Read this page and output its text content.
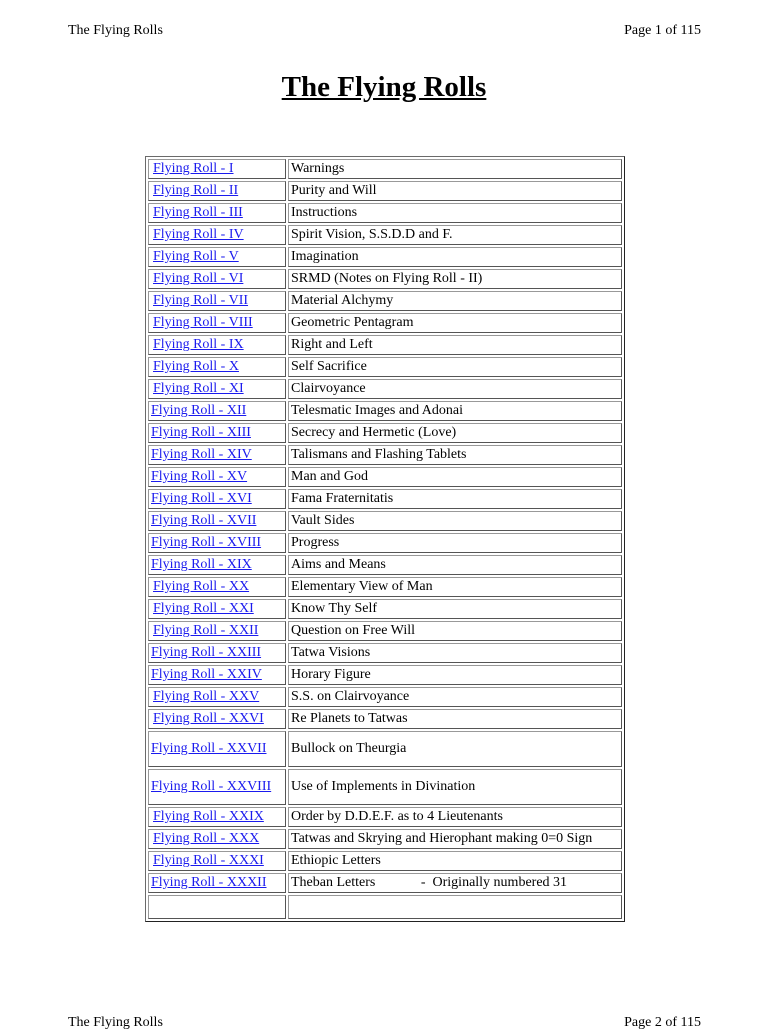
The Flying Rolls	Page 1 of 115
The Flying Rolls
Flying Roll - I	Warnings
Flying Roll - II	Purity and Will
Flying Roll - III	Instructions
Flying Roll - IV	Spirit Vision, S.S.D.D and F.
Flying Roll - V	Imagination
Flying Roll - VI	SRMD (Notes on Flying Roll - II)
Flying Roll - VII	Material Alchymy
Flying Roll - VIII	Geometric Pentagram
Flying Roll - IX	Right and Left
Flying Roll - X	Self Sacrifice
Flying Roll - XI	Clairvoyance
Flying Roll - XII	Telesmatic Images and Adonai
Flying Roll - XIII	Secrecy and Hermetic (Love)
Flying Roll - XIV	Talismans and Flashing Tablets
Flying Roll - XV	Man and God
Flying Roll - XVI	Fama Fraternitatis
Flying Roll - XVII	Vault Sides
Flying Roll - XVIII	Progress
Flying Roll - XIX	Aims and Means
Flying Roll - XX	Elementary View of Man
Flying Roll - XXI	Know Thy Self
Flying Roll - XXII	Question on Free Will
Flying Roll - XXIII	Tatwa Visions
Flying Roll - XXIV	Horary Figure
Flying Roll - XXV	S.S. on Clairvoyance
Flying Roll - XXVI	Re Planets to Tatwas
Flying Roll - XXVII	Bullock on Theurgia
Flying Roll - XXVIII	Use of Implements in Divination
Flying Roll - XXIX	Order by D.D.E.F. as to 4 Lieutenants
Flying Roll - XXX	Tatwas and Skrying and Hierophant making 0=0 Sign
Flying Roll - XXXI	Ethiopic Letters
Flying Roll - XXXII	Theban Letters             -  Originally numbered 31

The Flying Rolls	Page 2 of 115
